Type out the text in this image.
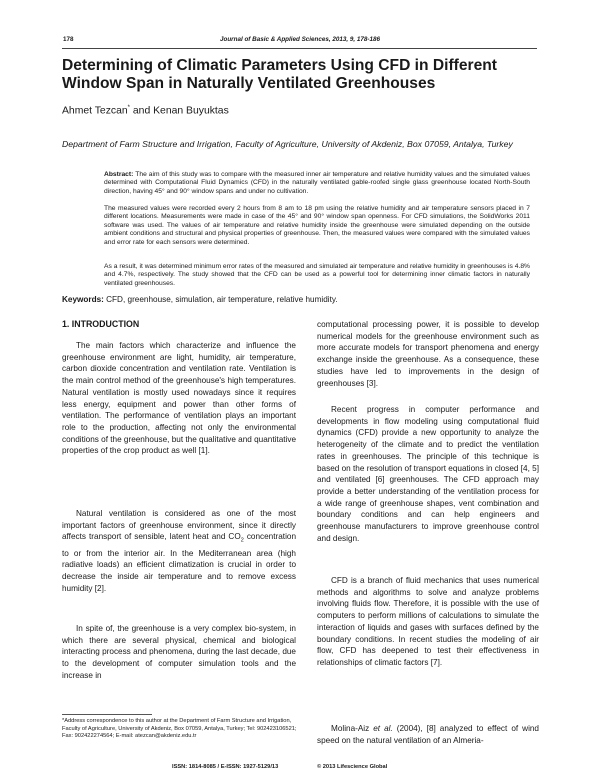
178	Journal of Basic & Applied Sciences, 2013, 9, 178-186
Determining of Climatic Parameters Using CFD in Different Window Span in Naturally Ventilated Greenhouses
Ahmet Tezcan* and Kenan Buyuktas
Department of Farm Structure and Irrigation, Faculty of Agriculture, University of Akdeniz, Box 07059, Antalya, Turkey
Abstract: The aim of this study was to compare with the measured inner air temperature and relative humidity values and the simulated values determined with Computational Fluid Dynamics (CFD) in the naturally ventilated gable-roofed single glass greenhouse located North-South direction, having 45° and 90° window spans and under no cultivation.
The measured values were recorded every 2 hours from 8 am to 18 pm using the relative humidity and air temperature sensors placed in 7 different locations. Measurements were made in case of the 45° and 90° window span openness. For CFD simulations, the SolidWorks 2011 software was used. The values of air temperature and relative humidity inside the greenhouse were simulated depending on the outside ambient conditions and structural and physical properties of greenhouse. Then, the measured values were compared with the simulated values and error rate for each sensors were determined.
As a result, it was determined minimum error rates of the measured and simulated air temperature and relative humidity in greenhouses is 4.8% and 4.7%, respectively. The study showed that the CFD can be used as a powerful tool for determining inner climatic factors in naturally ventilated greenhouses.
Keywords: CFD, greenhouse, simulation, air temperature, relative humidity.
1. INTRODUCTION

The main factors which characterize and influence the greenhouse environment are light, humidity, air temperature, carbon dioxide concentration and ventilation rate. Ventilation is the main control method of the greenhouse's high temperatures. Natural ventilation is mostly used nowadays since it requires less energy, equipment and power than other forms of ventilation. The performance of ventilation plays an important role to the production, affecting not only the environmental conditions of the greenhouse, but the qualitative and quantitative properties of the crop product as well [1].

Natural ventilation is considered as one of the most important factors of greenhouse environment, since it directly affects transport of sensible, latent heat and $CO_2$ concentration to or from the interior air. In the Mediterranean area (high radiative loads) an efficient climatization is crucial in order to decrease the inside air temperature and to remove excess humidity [2].

In spite of, the greenhouse is a very complex bio-system, in which there are several physical, chemical and biological interacting process and phenomena, during the last decade, due to the development of computer simulation tools and the increase in

computational processing power, it is possible to develop numerical models for the greenhouse environment such as more accurate models for transport phenomena and energy exchange inside the greenhouse. As a consequence, these studies have led to improvements in the design of greenhouses [3].

Recent progress in computer performance and developments in flow modeling using computational fluid dynamics (CFD) provide a new opportunity to analyze the heterogeneity of the climate and to predict the ventilation rates in greenhouses. The principle of this technique is based on the resolution of transport equations in closed [4, 5] and ventilated [6] greenhouses. The CFD approach may provide a better understanding of the ventilation process for a wide range of greenhouse shapes, vent combination and boundary conditions and can help engineers and greenhouse manufacturers to improve greenhouse control and design.

CFD is a branch of fluid mechanics that uses numerical methods and algorithms to solve and analyze problems involving fluids flow. Therefore, it is possible with the use of computers to perform millions of calculations to simulate the interaction of liquids and gases with surfaces defined by the boundary conditions. In recent studies the modeling of air flow, CFD has deepened to test their effectiveness in relationships of climatic factors [7].

Molina-Aiz et al. (2004), [8] analyzed to effect of wind speed on the natural ventilation of an Almeria-

*Address correspondence to this author at the Department of Farm Structure and Irrigation, Faculty of Agriculture, University of Akdeniz, Box 07059, Antalya, Turkey; Tel: 902423106521; Fax: 902422274564; E-mail: atezcan@akdeniz.edu.tr
ISSN: 1814-8085 / E-ISSN: 1927-5129/13	© 2013 Lifescience Global
